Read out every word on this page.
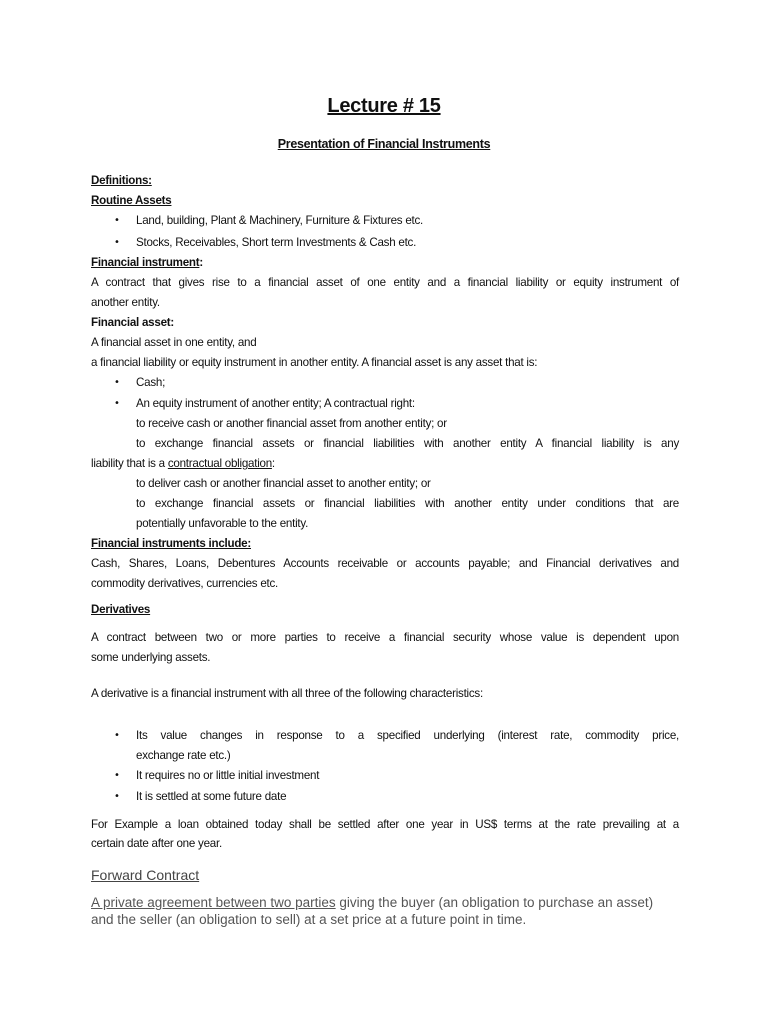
Lecture # 15
Presentation of Financial Instruments
Definitions:
Routine Assets
• Land, building, Plant & Machinery, Furniture & Fixtures etc.
• Stocks, Receivables, Short term Investments & Cash etc.
Financial instrument:
A contract that gives rise to a financial asset of one entity and a financial liability or equity instrument of
another entity.
Financial asset:
A financial asset in one entity, and
a financial liability or equity instrument in another entity. A financial asset is any asset that is:
• Cash;
• An equity instrument of another entity; A contractual right:
to receive cash or another financial asset from another entity; or
to exchange financial assets or financial liabilities with another entity A financial liability is any
liability that is a contractual obligation:
to deliver cash or another financial asset to another entity; or
to exchange financial assets or financial liabilities with another entity under conditions that are
potentially unfavorable to the entity.
Financial instruments include:
Cash, Shares, Loans, Debentures Accounts receivable or accounts payable; and Financial derivatives and
commodity derivatives, currencies etc.
Derivatives
A contract between two or more parties to receive a financial security whose value is dependent upon
some underlying assets.
A derivative is a financial instrument with all three of the following characteristics:
• Its value changes in response to a specified underlying (interest rate, commodity price,
exchange rate etc.)
• It requires no or little initial investment
• It is settled at some future date
For Example a loan obtained today shall be settled after one year in US$ terms at the rate prevailing at a
certain date after one year.
Forward Contract
A private agreement between two parties giving the buyer (an obligation to purchase an asset)
and the seller (an obligation to sell) at a set price at a future point in time.
